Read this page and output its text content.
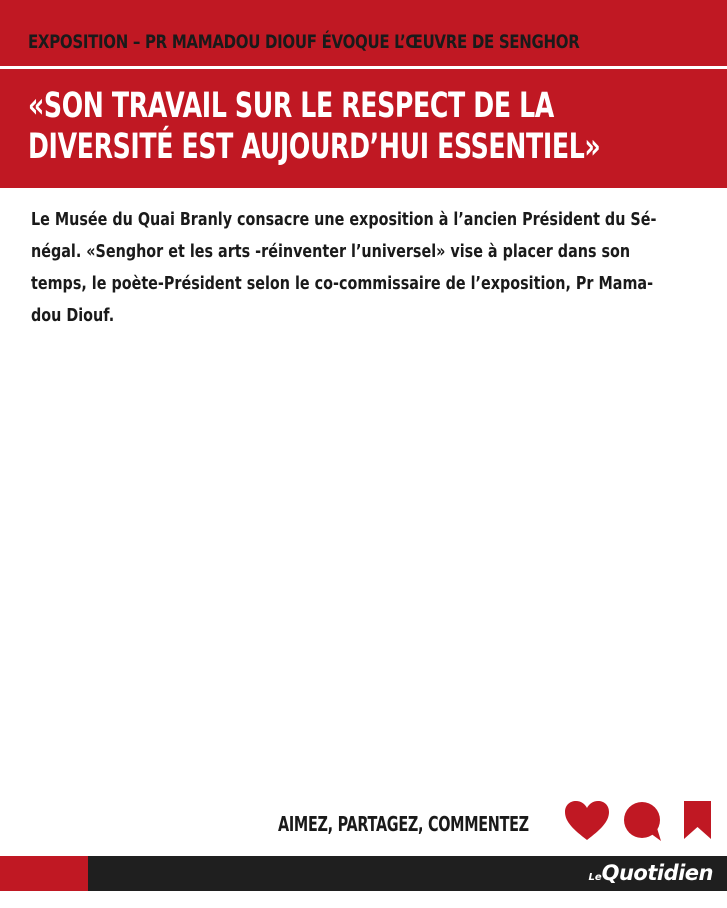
EXPOSITION – PR MAMADOU DIOUF ÉVOQUE L’ŒUVRE DE SENGHOR
«SON TRAVAIL SUR LE RESPECT DE LA
DIVERSITÉ EST AUJOURD’HUI ESSENTIEL»
Le Musée du Quai Branly consacre une exposition à l’ancien Président du Sé-
négal. «Senghor et les arts -réinventer l’universel» vise à placer dans son
temps, le poète-Président selon le co-commissaire de l’exposition, Pr Mama-
dou Diouf.
AIMEZ, PARTAGEZ, COMMENTEZ
LeQuotidien
